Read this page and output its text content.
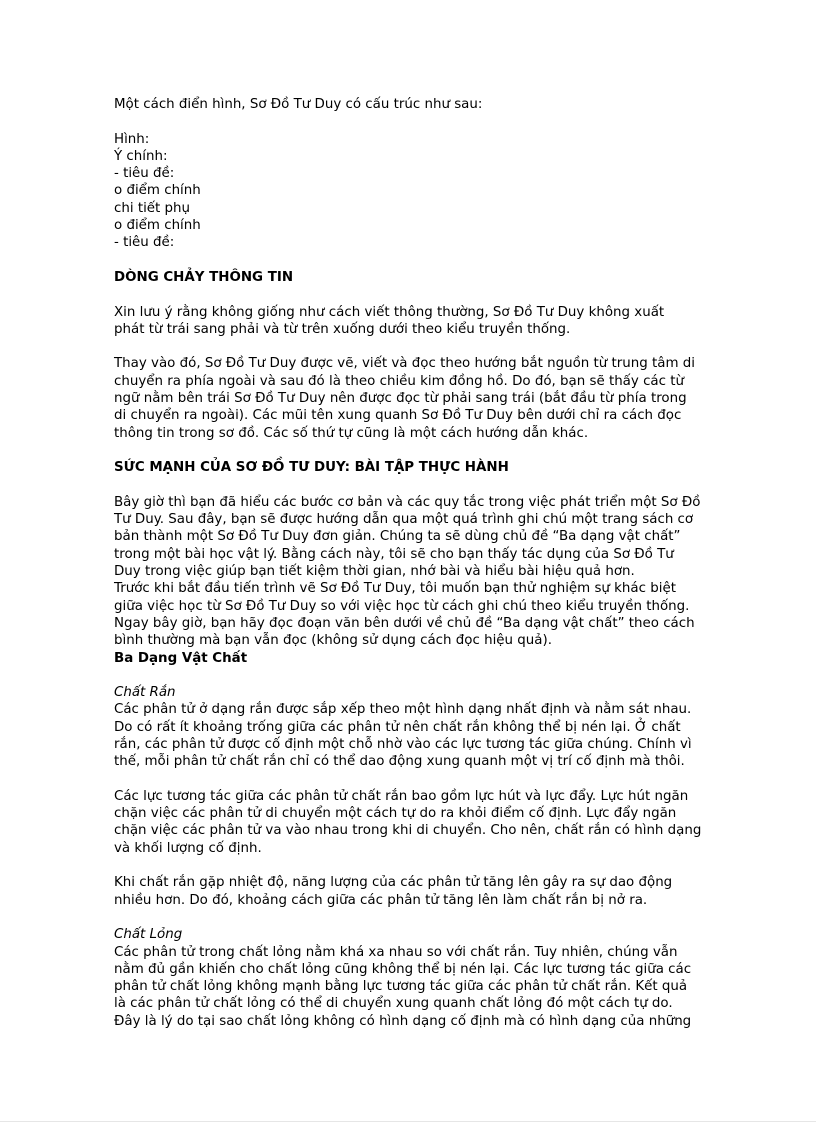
Một cách điển hình, Sơ Đồ Tư Duy có cấu trúc như sau:
Hình:
Ý chính:
- tiêu đề:
o điểm chính
chi tiết phụ
o điểm chính
- tiêu đề:
DÒNG CHẢY THÔNG TIN
Xin lưu ý rằng không giống như cách viết thông thường, Sơ Đồ Tư Duy không xuất
phát từ trái sang phải và từ trên xuống dưới theo kiểu truyền thống.
Thay vào đó, Sơ Đồ Tư Duy được vẽ, viết và đọc theo hướng bắt nguồn từ trung tâm di
chuyển ra phía ngoài và sau đó là theo chiều kim đồng hồ. Do đó, bạn sẽ thấy các từ
ngữ nằm bên trái Sơ Đồ Tư Duy nên được đọc từ phải sang trái (bắt đầu từ phía trong
di chuyển ra ngoài). Các mũi tên xung quanh Sơ Đồ Tư Duy bên dưới chỉ ra cách đọc
thông tin trong sơ đồ. Các số thứ tự cũng là một cách hướng dẫn khác.
SỨC MẠNH CỦA SƠ ĐỒ TƯ DUY: BÀI TẬP THỰC HÀNH
Bây giờ thì bạn đã hiểu các bước cơ bản và các quy tắc trong việc phát triển một Sơ Đồ
Tư Duy. Sau đây, bạn sẽ được hướng dẫn qua một quá trình ghi chú một trang sách cơ
bản thành một Sơ Đồ Tư Duy đơn giản. Chúng ta sẽ dùng chủ đề “Ba dạng vật chất”
trong một bài học vật lý. Bằng cách này, tôi sẽ cho bạn thấy tác dụng của Sơ Đồ Tư
Duy trong việc giúp bạn tiết kiệm thời gian, nhớ bài và hiểu bài hiệu quả hơn.
Trước khi bắt đầu tiến trình vẽ Sơ Đồ Tư Duy, tôi muốn bạn thử nghiệm sự khác biệt
giữa việc học từ Sơ Đồ Tư Duy so với việc học từ cách ghi chú theo kiểu truyền thống.
Ngay bây giờ, bạn hãy đọc đoạn văn bên dưới về chủ đề “Ba dạng vật chất” theo cách
bình thường mà bạn vẫn đọc (không sử dụng cách đọc hiệu quả).
Ba Dạng Vật Chất
Chất Rắn
Các phân tử ở dạng rắn được sắp xếp theo một hình dạng nhất định và nằm sát nhau.
Do có rất ít khoảng trống giữa các phân tử nên chất rắn không thể bị nén lại. Ở chất
rắn, các phân tử được cố định một chỗ nhờ vào các lực tương tác giữa chúng. Chính vì
thế, mỗi phân tử chất rắn chỉ có thể dao động xung quanh một vị trí cố định mà thôi.
Các lực tương tác giữa các phân tử chất rắn bao gồm lực hút và lực đẩy. Lực hút ngăn
chặn việc các phân tử di chuyển một cách tự do ra khỏi điểm cố định. Lực đẩy ngăn
chặn việc các phân tử va vào nhau trong khi di chuyển. Cho nên, chất rắn có hình dạng
và khối lượng cố định.
Khi chất rắn gặp nhiệt độ, năng lượng của các phân tử tăng lên gây ra sự dao động
nhiều hơn. Do đó, khoảng cách giữa các phân tử tăng lên làm chất rắn bị nở ra.
Chất Lỏng
Các phân tử trong chất lỏng nằm khá xa nhau so với chất rắn. Tuy nhiên, chúng vẫn
nằm đủ gần khiến cho chất lỏng cũng không thể bị nén lại. Các lực tương tác giữa các
phân tử chất lỏng không mạnh bằng lực tương tác giữa các phân tử chất rắn. Kết quả
là các phân tử chất lỏng có thể di chuyển xung quanh chất lỏng đó một cách tự do.
Đây là lý do tại sao chất lỏng không có hình dạng cố định mà có hình dạng của những
